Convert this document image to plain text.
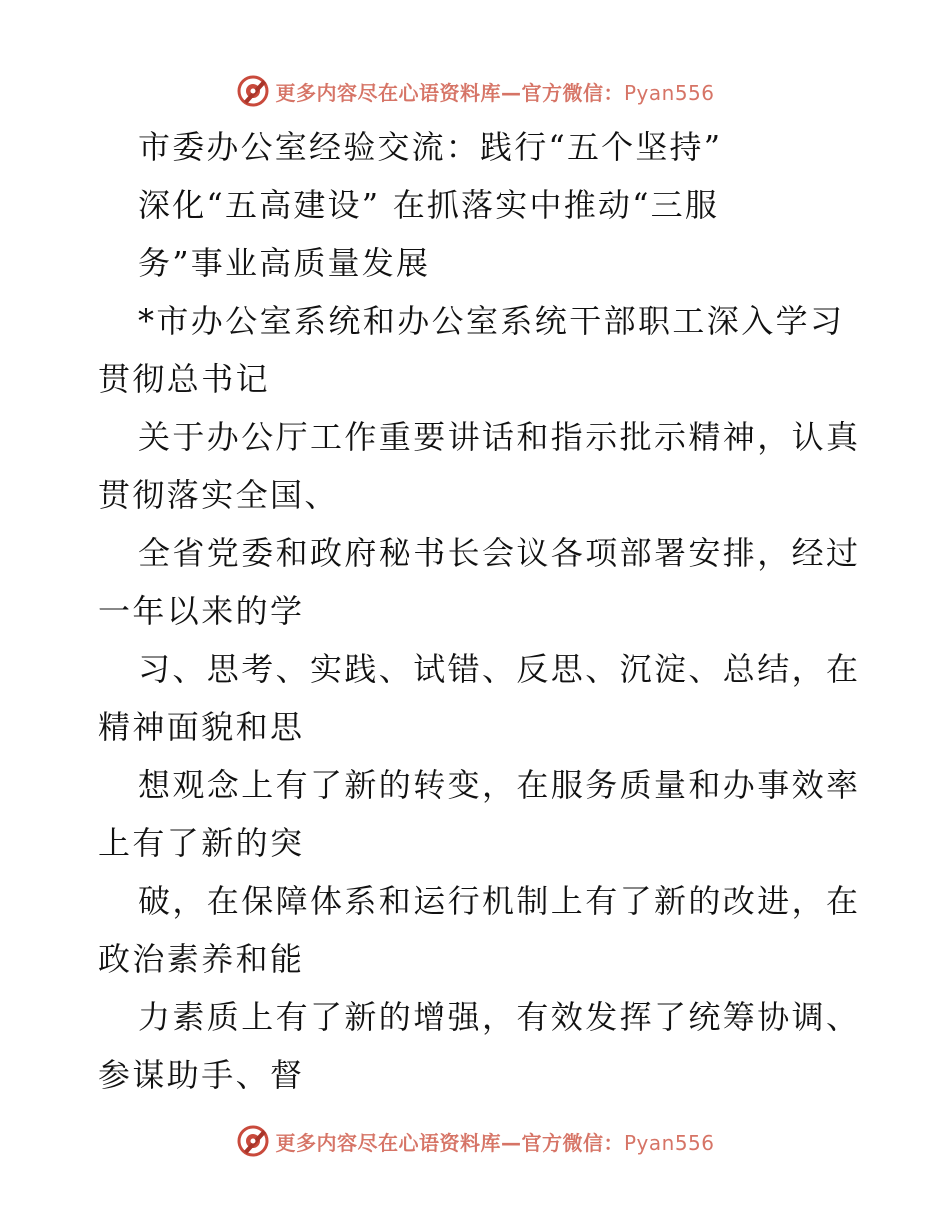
更多内容尽在心语资料库—官方微信：Pyan556
市委办公室经验交流：践行“五个坚持”
深化“五高建设” 在抓落实中推动“三服
务”事业高质量发展
*市办公室系统和办公室系统干部职工深入学习
贯彻总书记
关于办公厅工作重要讲话和指示批示精神，认真
贯彻落实全国、
全省党委和政府秘书长会议各项部署安排，经过
一年以来的学
习、思考、实践、试错、反思、沉淀、总结，在
精神面貌和思
想观念上有了新的转变，在服务质量和办事效率
上有了新的突
破，在保障体系和运行机制上有了新的改进，在
政治素养和能
力素质上有了新的增强，有效发挥了统筹协调、
参谋助手、督
更多内容尽在心语资料库—官方微信：Pyan556
